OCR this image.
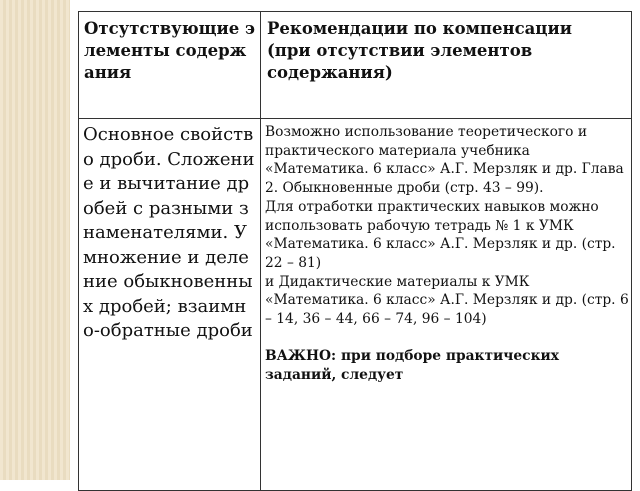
Отсутствующие элементы содержания	Рекомендации по компенсации
(при отсутствии элементов содержания)

Основное свойство дроби. Сложение и вычитание дробей с разными знаменателями. Умножение и деление обыкновенных дробей; взаимно-обратные дроби	Возможно использование теоретического и практического материала учебника «Математика. 6 класс» А.Г. Мерзляк и др. Глава 2. Обыкновенные дроби (стр. 43 – 99).

Для отработки практических навыков можно использовать рабочую тетрадь № 1 к УМК «Математика. 6 класс» А.Г. Мерзляк и др. (стр. 22 – 81)

и Дидактические материалы к УМК «Математика. 6 класс» А.Г. Мерзляк и др. (стр. 6 – 14, 36 – 44, 66 – 74, 96 – 104)

ВАЖНО: при подборе практических заданий, следует
